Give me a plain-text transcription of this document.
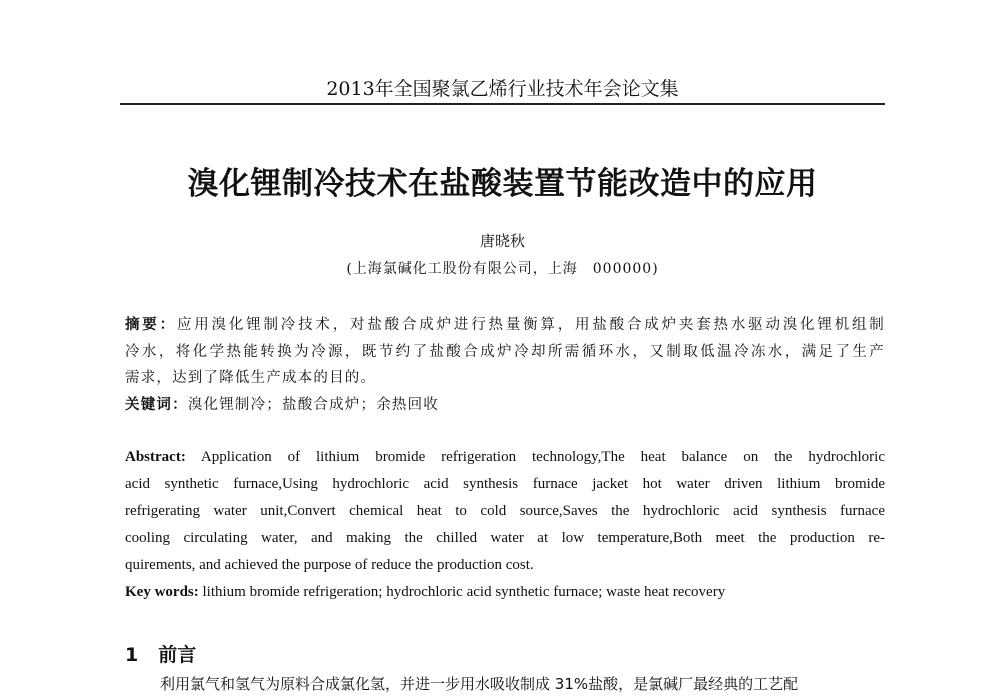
2013年全国聚氯乙烯行业技术年会论文集
溴化锂制冷技术在盐酸装置节能改造中的应用
唐晓秋
(上海氯碱化工股份有限公司，上海　000000)
摘要：应用溴化锂制冷技术，对盐酸合成炉进行热量衡算，用盐酸合成炉夹套热水驱动溴化锂机组制
冷水，将化学热能转换为冷源，既节约了盐酸合成炉冷却所需循环水，又制取低温冷冻水，满足了生产
需求，达到了降低生产成本的目的。
关键词：溴化锂制冷；盐酸合成炉；余热回收
Abstract: Application of lithium bromide refrigeration technology,The heat balance on the hydrochloric
acid synthetic furnace,Using hydrochloric acid synthesis furnace jacket hot water driven lithium bromide
refrigerating water unit,Convert chemical heat to cold source,Saves the hydrochloric acid synthesis furnace
cooling circulating water, and making the chilled water at low temperature,Both meet the production re-
quirements, and achieved the purpose of reduce the production cost.
Key words: lithium bromide refrigeration; hydrochloric acid synthetic furnace; waste heat recovery
1 前言
利用氯气和氢气为原料合成氯化氢，并进一步用水吸收制成 31%盐酸，是氯碱厂最经典的工艺配
